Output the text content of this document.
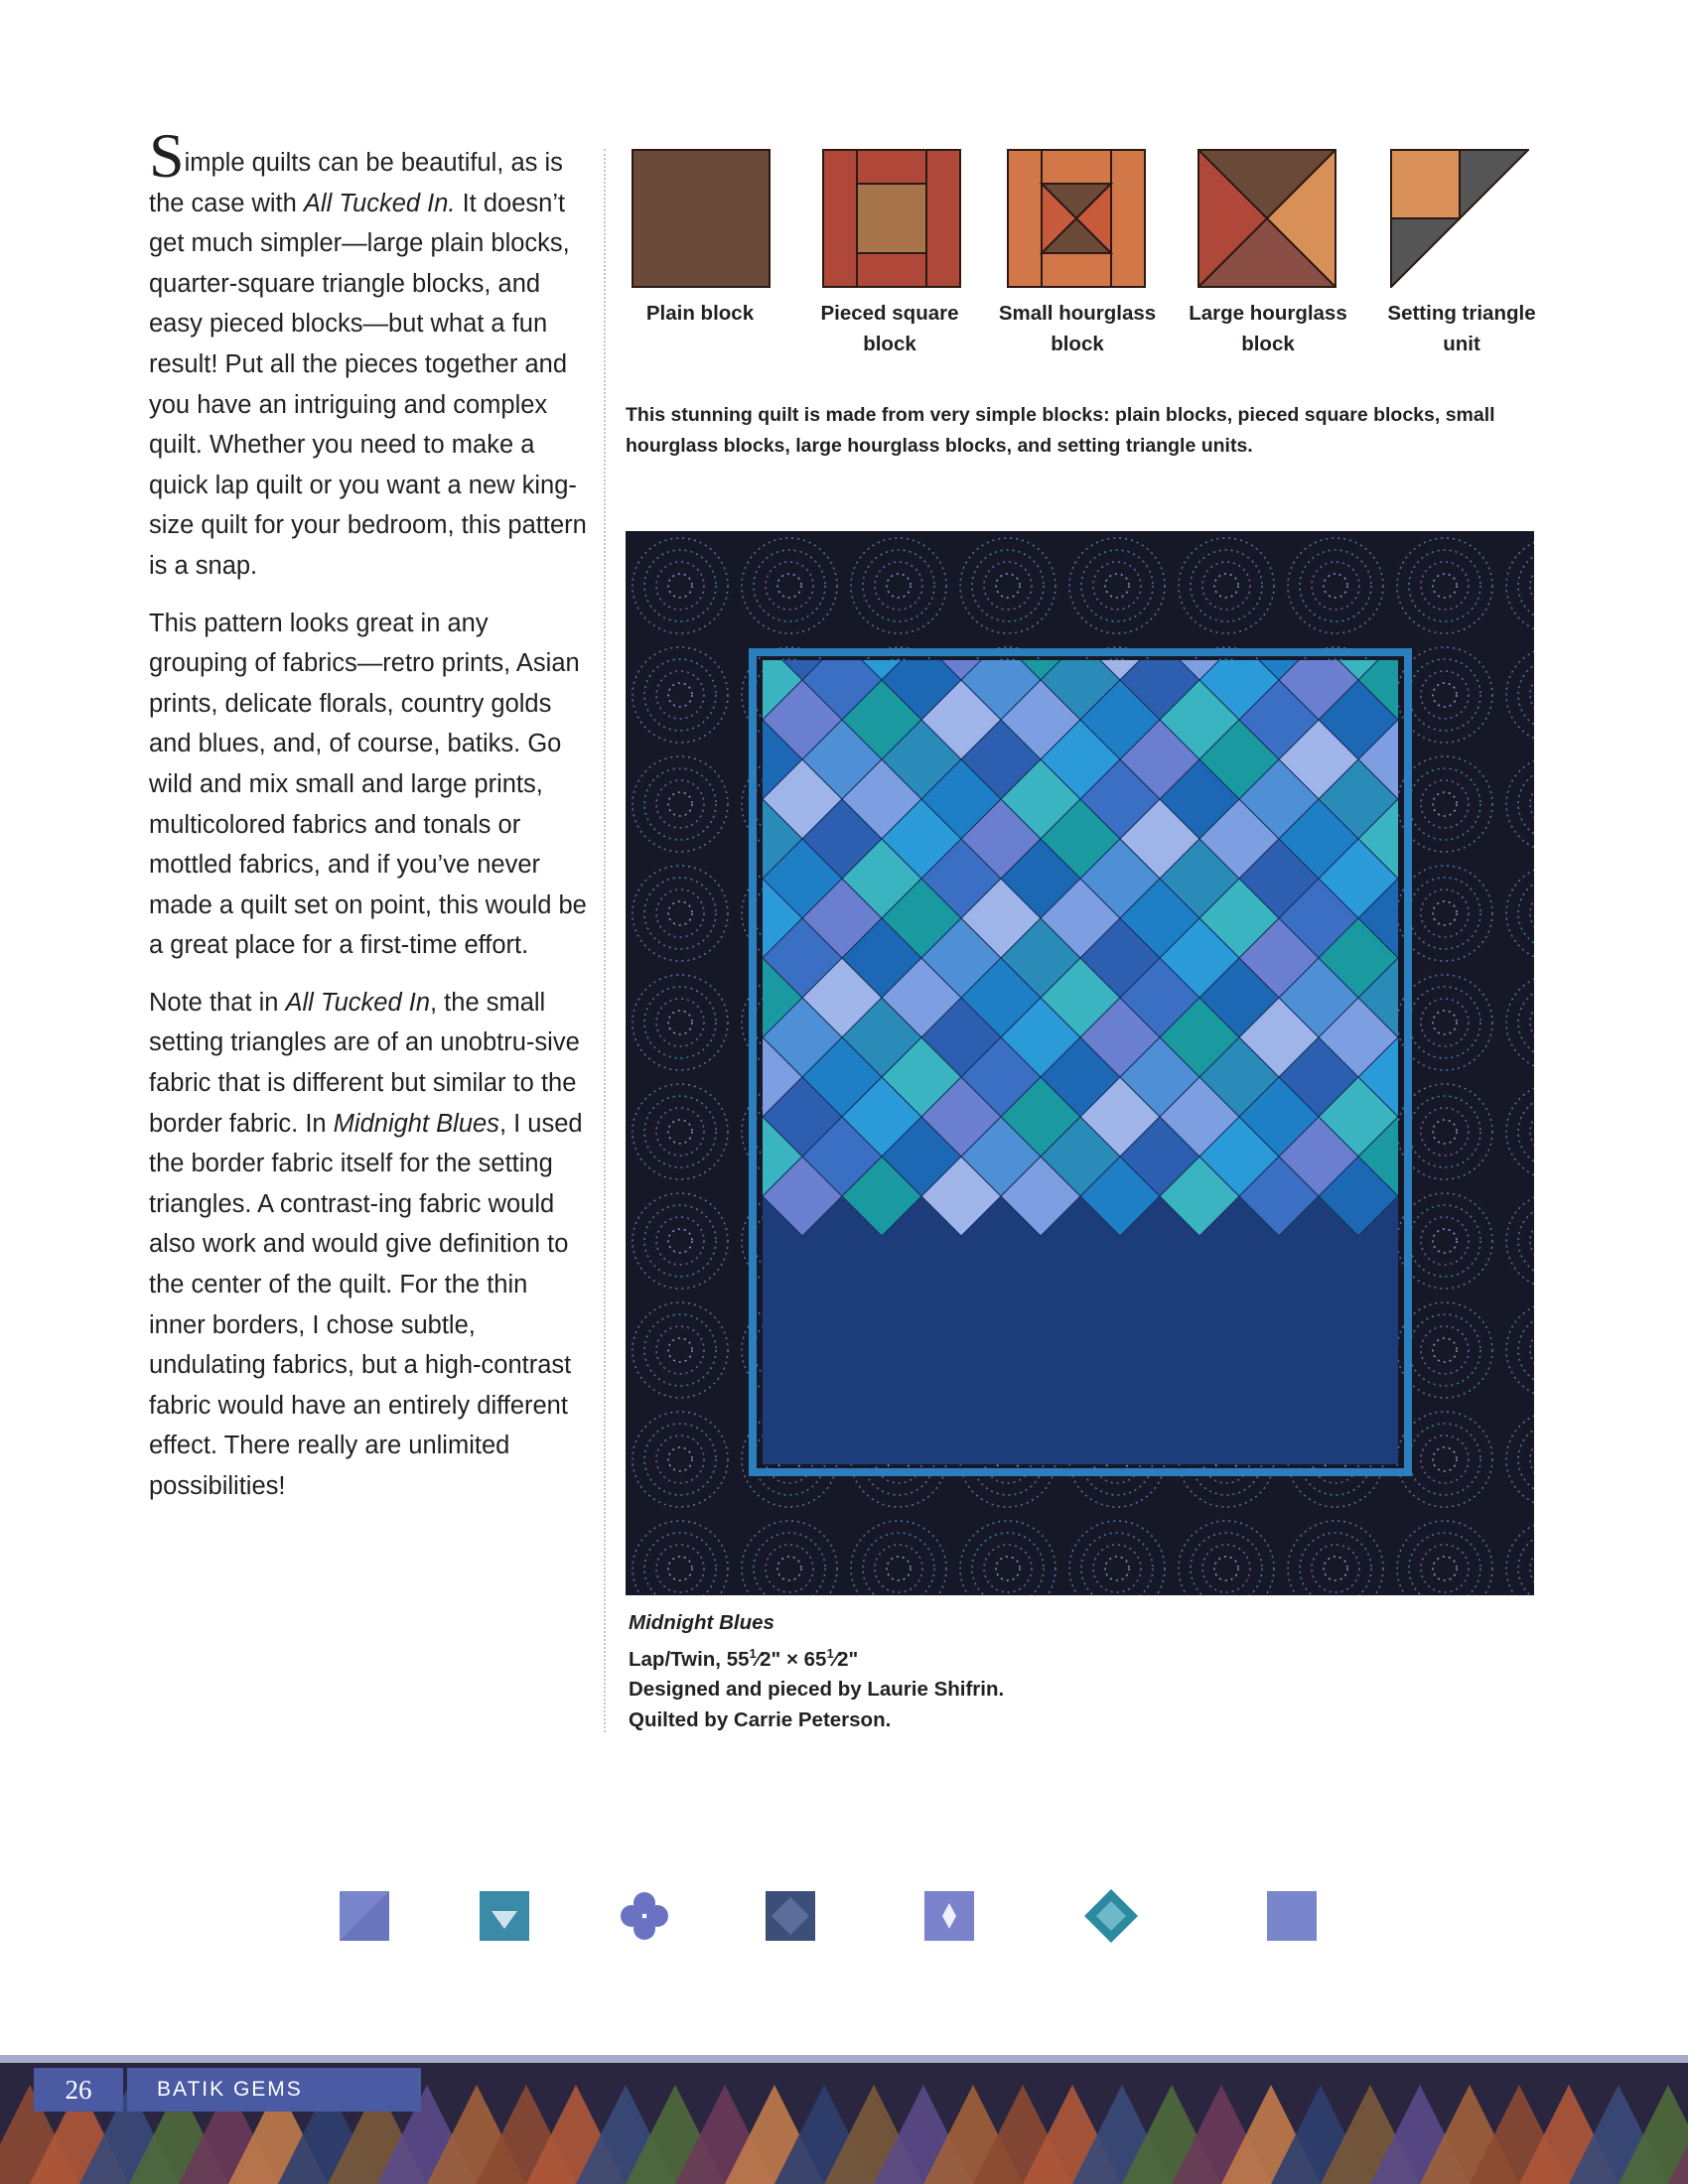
Simple quilts can be beautiful, as is the case with All Tucked In. It doesn’t get much simpler—large plain blocks, quarter-square triangle blocks, and easy pieced blocks—but what a fun result! Put all the pieces together and you have an intriguing and complex quilt. Whether you need to make a quick lap quilt or you want a new king-size quilt for your bedroom, this pattern is a snap.

This pattern looks great in any grouping of fabrics—retro prints, Asian prints, delicate florals, country golds and blues, and, of course, batiks. Go wild and mix small and large prints, multicolored fabrics and tonals or mottled fabrics, and if you’ve never made a quilt set on point, this would be a great place for a first-time effort.

Note that in All Tucked In, the small setting triangles are of an unobtru-sive fabric that is different but similar to the border fabric. In Midnight Blues, I used the border fabric itself for the setting triangles. A contrast-ing fabric would also work and would give definition to the center of the quilt. For the thin inner borders, I chose subtle, undulating fabrics, but a high-contrast fabric would have an entirely different effect. There really are unlimited possibilities!

Plain block	Pieced square
block
Small hourglass
block
Large hourglass
block
Setting triangle
unit
This stunning quilt is made from very simple blocks: plain blocks, pieced square blocks, small hourglass blocks, large hourglass blocks, and setting triangle units.
Midnight Blues
Lap/Twin, $55^1⁄2$" × $65^1⁄2$"
Designed and pieced by Laurie Shifrin.
Quilted by Carrie Peterson.
26	BATIK GEMS
